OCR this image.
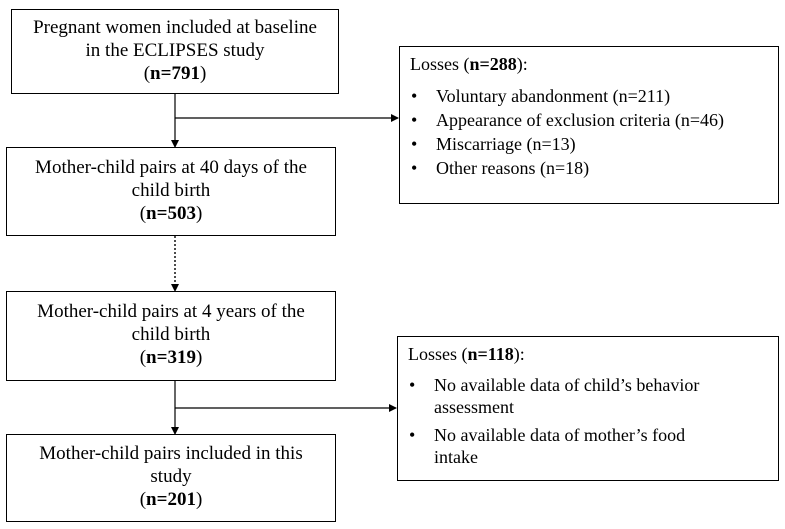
Pregnant women included at baseline
in the ECLIPSES study
(n=791)
Mother-child pairs at 40 days of the
child birth
(n=503)
Mother-child pairs at 4 years of the
child birth
(n=319)
Mother-child pairs included in this
study
(n=201)
Losses (n=288):
• Voluntary abandonment (n=211)
• Appearance of exclusion criteria (n=46)
• Miscarriage (n=13)
• Other reasons (n=18)
Losses (n=118):
• No available data of child’s behavior assessment
• No available data of mother’s food intake
